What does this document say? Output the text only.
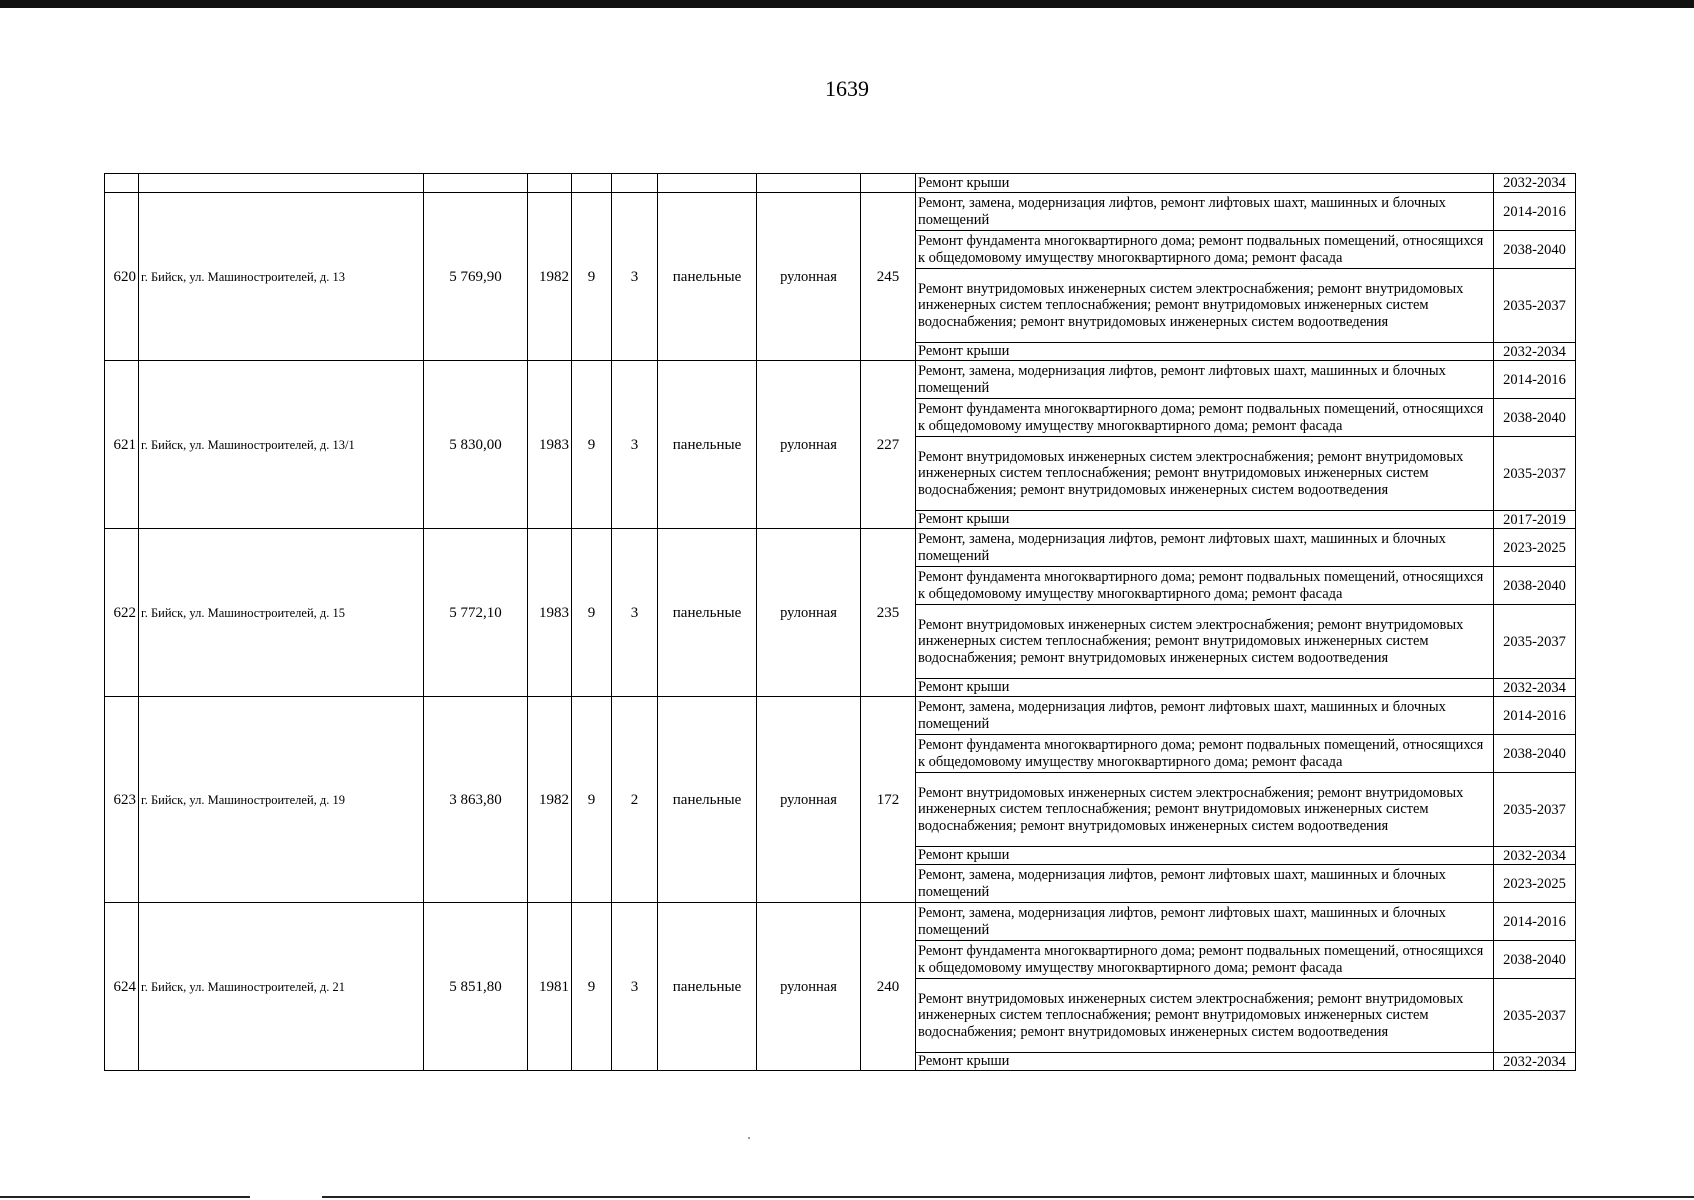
1639
									Ремонт крыши	2032-2034
620	г. Бийск, ул. Машиностроителей, д. 13	5 769,90	1982	9	3	панельные	рулонная	245	Ремонт, замена, модернизация лифтов, ремонт лифтовых шахт, машинных и блочных помещений	2014-2016
									Ремонт фундамента многоквартирного дома; ремонт подвальных помещений, относящихся к общедомовому имуществу многоквартирного дома; ремонт фасада	2038-2040
									Ремонт внутридомовых инженерных систем электроснабжения; ремонт внутридомовых инженерных систем теплоснабжения; ремонт внутридомовых инженерных систем водоснабжения; ремонт внутридомовых инженерных систем водоотведения	2035-2037
									Ремонт крыши	2032-2034
621	г. Бийск, ул. Машиностроителей, д. 13/1	5 830,00	1983	9	3	панельные	рулонная	227	Ремонт, замена, модернизация лифтов, ремонт лифтовых шахт, машинных и блочных помещений	2014-2016
									Ремонт фундамента многоквартирного дома; ремонт подвальных помещений, относящихся к общедомовому имуществу многоквартирного дома; ремонт фасада	2038-2040
									Ремонт внутридомовых инженерных систем электроснабжения; ремонт внутридомовых инженерных систем теплоснабжения; ремонт внутридомовых инженерных систем водоснабжения; ремонт внутридомовых инженерных систем водоотведения	2035-2037
									Ремонт крыши	2017-2019
622	г. Бийск, ул. Машиностроителей, д. 15	5 772,10	1983	9	3	панельные	рулонная	235	Ремонт, замена, модернизация лифтов, ремонт лифтовых шахт, машинных и блочных помещений	2023-2025
									Ремонт фундамента многоквартирного дома; ремонт подвальных помещений, относящихся к общедомовому имуществу многоквартирного дома; ремонт фасада	2038-2040
									Ремонт внутридомовых инженерных систем электроснабжения; ремонт внутридомовых инженерных систем теплоснабжения; ремонт внутридомовых инженерных систем водоснабжения; ремонт внутридомовых инженерных систем водоотведения	2035-2037
									Ремонт крыши	2032-2034
623	г. Бийск, ул. Машиностроителей, д. 19	3 863,80	1982	9	2	панельные	рулонная	172	Ремонт, замена, модернизация лифтов, ремонт лифтовых шахт, машинных и блочных помещений	2014-2016
									Ремонт фундамента многоквартирного дома; ремонт подвальных помещений, относящихся к общедомовому имуществу многоквартирного дома; ремонт фасада	2038-2040
									Ремонт внутридомовых инженерных систем электроснабжения; ремонт внутридомовых инженерных систем теплоснабжения; ремонт внутридомовых инженерных систем водоснабжения; ремонт внутридомовых инженерных систем водоотведения	2035-2037
									Ремонт крыши	2032-2034
									Ремонт, замена, модернизация лифтов, ремонт лифтовых шахт, машинных и блочных помещений	2023-2025
624	г. Бийск, ул. Машиностроителей, д. 21	5 851,80	1981	9	3	панельные	рулонная	240	Ремонт, замена, модернизация лифтов, ремонт лифтовых шахт, машинных и блочных помещений	2014-2016
									Ремонт фундамента многоквартирного дома; ремонт подвальных помещений, относящихся к общедомовому имуществу многоквартирного дома; ремонт фасада	2038-2040
									Ремонт внутридомовых инженерных систем электроснабжения; ремонт внутридомовых инженерных систем теплоснабжения; ремонт внутридомовых инженерных систем водоснабжения; ремонт внутридомовых инженерных систем водоотведения	2035-2037
									Ремонт крыши	2032-2034
